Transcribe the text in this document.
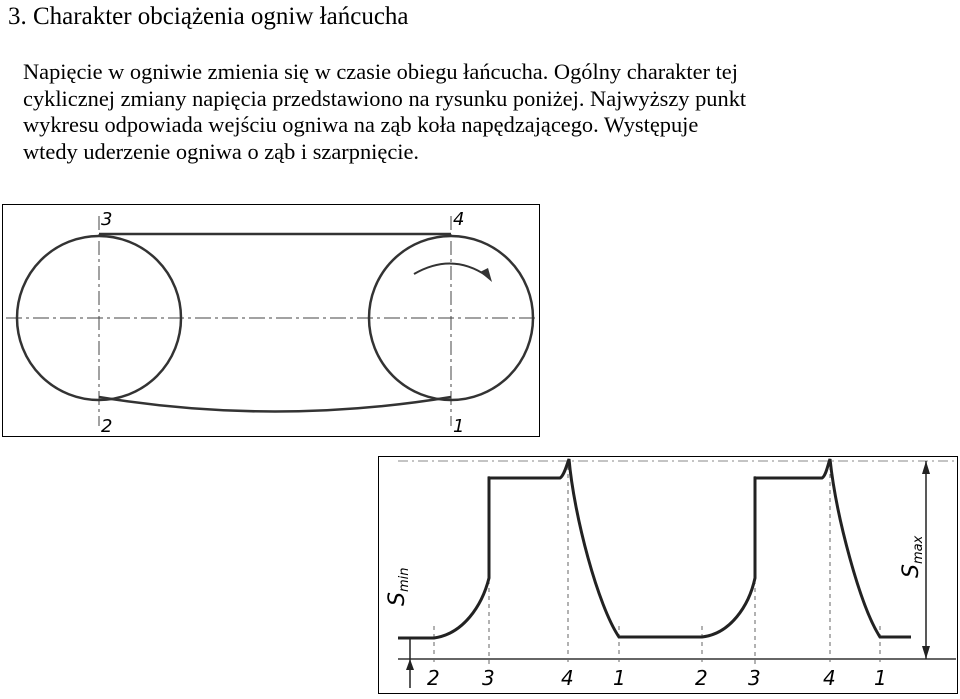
3. Charakter obciążenia ogniw łańcucha
Napięcie w ogniwie zmienia się w czasie obiegu łańcucha. Ogólny charakter tej
cyklicznej zmiany napięcia przedstawiono na rysunku poniżej. Najwyższy punkt
wykresu odpowiada wejściu ogniwa na ząb koła napędzającego. Występuje
wtedy uderzenie ogniwa o ząb i szarpnięcie.
3	4
2	1
Smin	Smax
2 3	4 1	2 3	4 1
